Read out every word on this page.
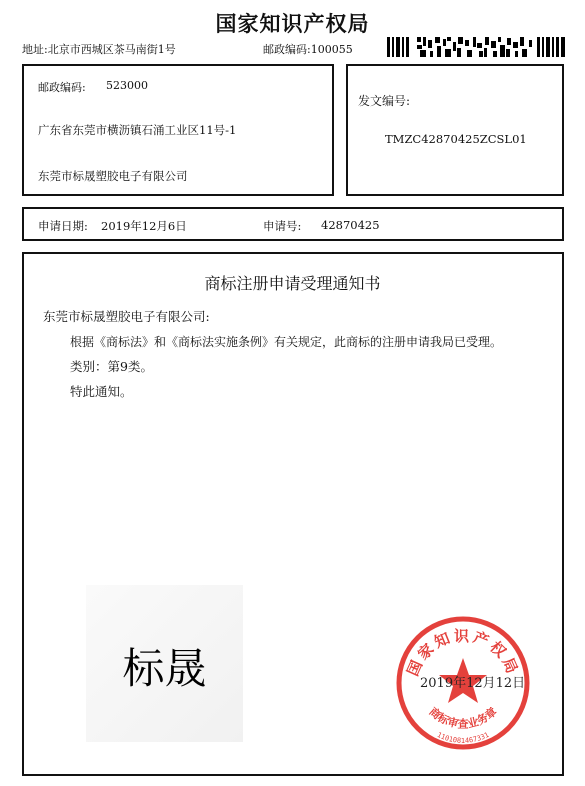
国家知识产权局
地址:北京市西城区茶马南街1号	邮政编码:100055
邮政编码: 523000
广东省东莞市横沥镇石涌工业区11号-1
东莞市标晟塑胶电子有限公司
发文编号:
TMZC42870425ZCSL01
申请日期: 2019年12月6日	申请号: 42870425
商标注册申请受理通知书
东莞市标晟塑胶电子有限公司:
根据《商标法》和《商标法实施条例》有关规定，此商标的注册申请我局已受理。
类别：第9类。
特此通知。
标晟	国家知识产权局
商标审查业务章
1101081467331
2019年12月12日
